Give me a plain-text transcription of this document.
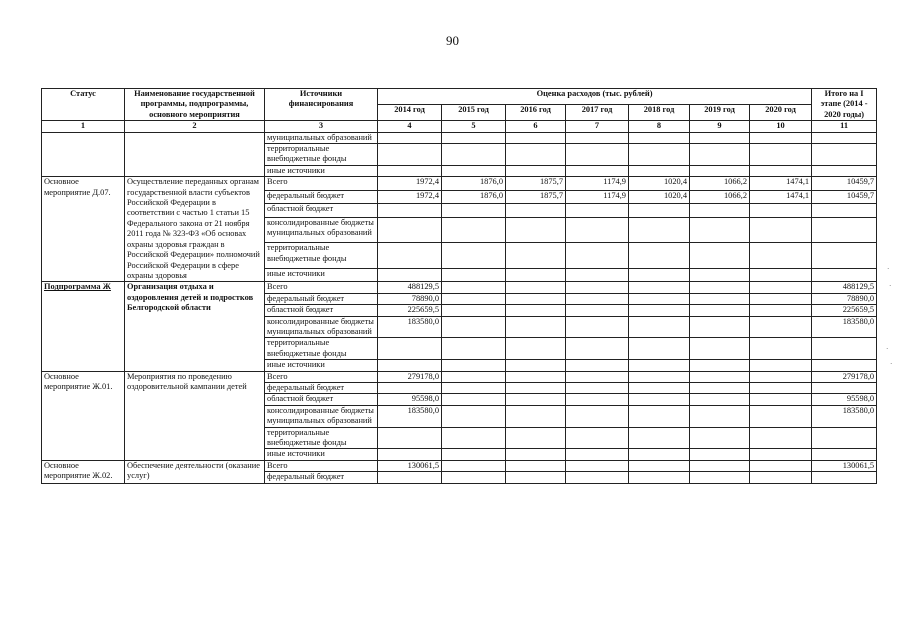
90
Статус	Наименование государственной программы, подпрограммы, основного мероприятия	Источники финансирования	Оценка расходов (тыс. рублей)							Итого на I этапе (2014 - 2020 годы)
			2014 год	2015 год	2016 год	2017 год	2018 год	2019 год	2020 год	
1	2	3	4	5	6	7	8	9	10	11
		муниципальных образований								
		территориальные внебюджетные фонды								
		иные источники								
Основное мероприятие Д.07.	Осуществление переданных органам государственной власти субъектов Российской Федерации в соответствии с частью 1 статьи 15 Федерального закона от 21 ноября 2011 года № 323-ФЗ «Об основах охраны здоровья граждан в Российской Федерации» полномочий Российской Федерации в сфере охраны здоровья	Всего	1972,4	1876,0	1875,7	1174,9	1020,4	1066,2	1474,1	10459,7
		федеральный бюджет	1972,4	1876,0	1875,7	1174,9	1020,4	1066,2	1474,1	10459,7
		областной бюджет								
		консолидированные бюджеты муниципальных образований								
		территориальные внебюджетные фонды								
		иные источники								
Подпрограмма Ж	Организация отдыха и оздоровления детей и подростков Белгородской области	Всего	488129,5							488129,5
		федеральный бюджет	78890,0							78890,0
		областной бюджет	225659,5							225659,5
		консолидированные бюджеты муниципальных образований	183580,0							183580,0
		территориальные внебюджетные фонды								
		иные источники								
Основное мероприятие Ж.01.	Мероприятия по проведению оздоровительной кампании детей	Всего	279178,0							279178,0
		федеральный бюджет								
		областной бюджет	95598,0							95598,0
		консолидированные бюджеты муниципальных образований	183580,0							183580,0
		территориальные внебюджетные фонды								
		иные источники								
Основное мероприятие Ж.02.	Обеспечение деятельности (оказание услуг)	Всего	130061,5							130061,5
		федеральный бюджет								
·
·
·
·
